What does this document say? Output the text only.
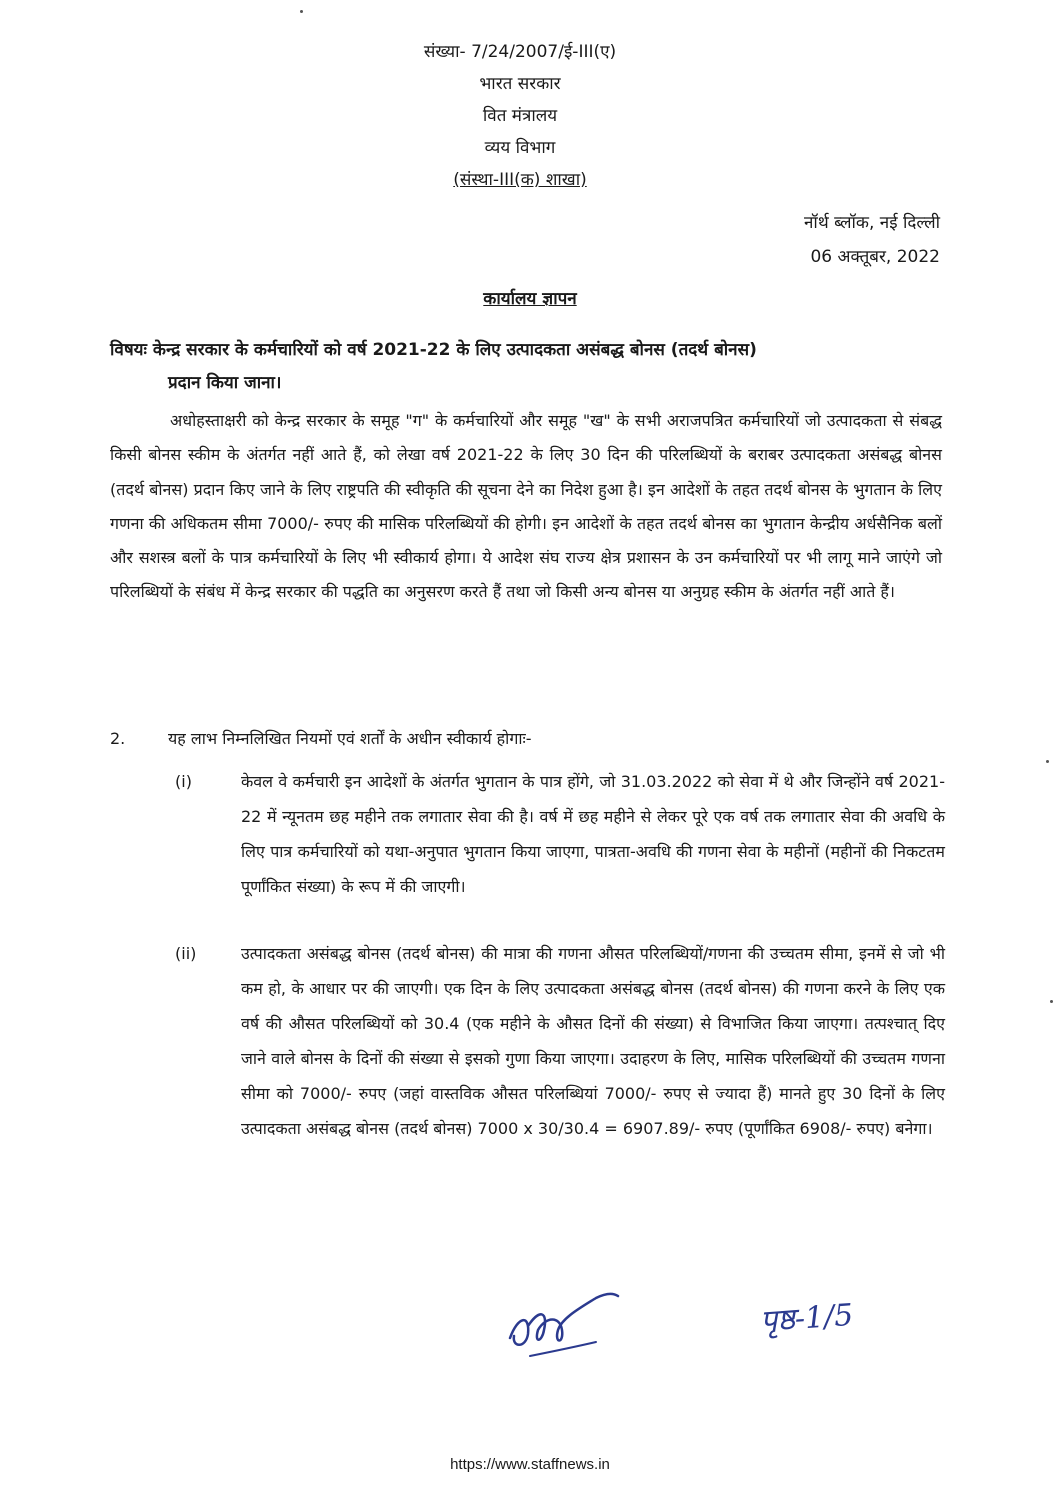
संख्या- 7/24/2007/ई-III(ए)
भारत सरकार
वित मंत्रालय
व्यय विभाग
(संस्था-III(क) शाखा)
नॉर्थ ब्लॉक, नई दिल्ली
06 अक्तूबर, 2022
कार्यालय ज्ञापन
विषयः केन्द्र सरकार के कर्मचारियों को वर्ष 2021-22 के लिए उत्पादकता असंबद्ध बोनस (तदर्थ बोनस)
प्रदान किया जाना।
अधोहस्ताक्षरी को केन्द्र सरकार के समूह "ग" के कर्मचारियों और समूह "ख" के सभी अराजपत्रित कर्मचारियों जो उत्पादकता से संबद्ध किसी बोनस स्कीम के अंतर्गत नहीं आते हैं, को लेखा वर्ष 2021-22 के लिए 30 दिन की परिलब्धियों के बराबर उत्पादकता असंबद्ध बोनस (तदर्थ बोनस) प्रदान किए जाने के लिए राष्ट्रपति की स्वीकृति की सूचना देने का निदेश हुआ है। इन आदेशों के तहत तदर्थ बोनस के भुगतान के लिए गणना की अधिकतम सीमा 7000/- रुपए की मासिक परिलब्धियों की होगी। इन आदेशों के तहत तदर्थ बोनस का भुगतान केन्द्रीय अर्धसैनिक बलों और सशस्त्र बलों के पात्र कर्मचारियों के लिए भी स्वीकार्य होगा। ये आदेश संघ राज्य क्षेत्र प्रशासन के उन कर्मचारियों पर भी लागू माने जाएंगे जो परिलब्धियों के संबंध में केन्द्र सरकार की पद्धति का अनुसरण करते हैं तथा जो किसी अन्य बोनस या अनुग्रह स्कीम के अंतर्गत नहीं आते हैं।
2.	यह लाभ निम्नलिखित नियमों एवं शर्तों के अधीन स्वीकार्य होगाः-
(i)	केवल वे कर्मचारी इन आदेशों के अंतर्गत भुगतान के पात्र होंगे, जो 31.03.2022 को सेवा में थे और जिन्होंने वर्ष 2021-22 में न्यूनतम छह महीने तक लगातार सेवा की है। वर्ष में छह महीने से लेकर पूरे एक वर्ष तक लगातार सेवा की अवधि के लिए पात्र कर्मचारियों को यथा-अनुपात भुगतान किया जाएगा, पात्रता-अवधि की गणना सेवा के महीनों (महीनों की निकटतम पूर्णांकित संख्या) के रूप में की जाएगी।
(ii)	उत्पादकता असंबद्ध बोनस (तदर्थ बोनस) की मात्रा की गणना औसत परिलब्धियों/गणना की उच्चतम सीमा, इनमें से जो भी कम हो, के आधार पर की जाएगी। एक दिन के लिए उत्पादकता असंबद्ध बोनस (तदर्थ बोनस) की गणना करने के लिए एक वर्ष की औसत परिलब्धियों को 30.4 (एक महीने के औसत दिनों की संख्या) से विभाजित किया जाएगा। तत्पश्चात् दिए जाने वाले बोनस के दिनों की संख्या से इसको गुणा किया जाएगा। उदाहरण के लिए, मासिक परिलब्धियों की उच्चतम गणना सीमा को 7000/- रुपए (जहां वास्तविक औसत परिलब्धियां 7000/- रुपए से ज्यादा हैं) मानते हुए 30 दिनों के लिए उत्पादकता असंबद्ध बोनस (तदर्थ बोनस) 7000 x 30/30.4 = 6907.89/- रुपए (पूर्णांकित 6908/- रुपए) बनेगा।
पृष्ठ-1/5
https://www.staffnews.in
